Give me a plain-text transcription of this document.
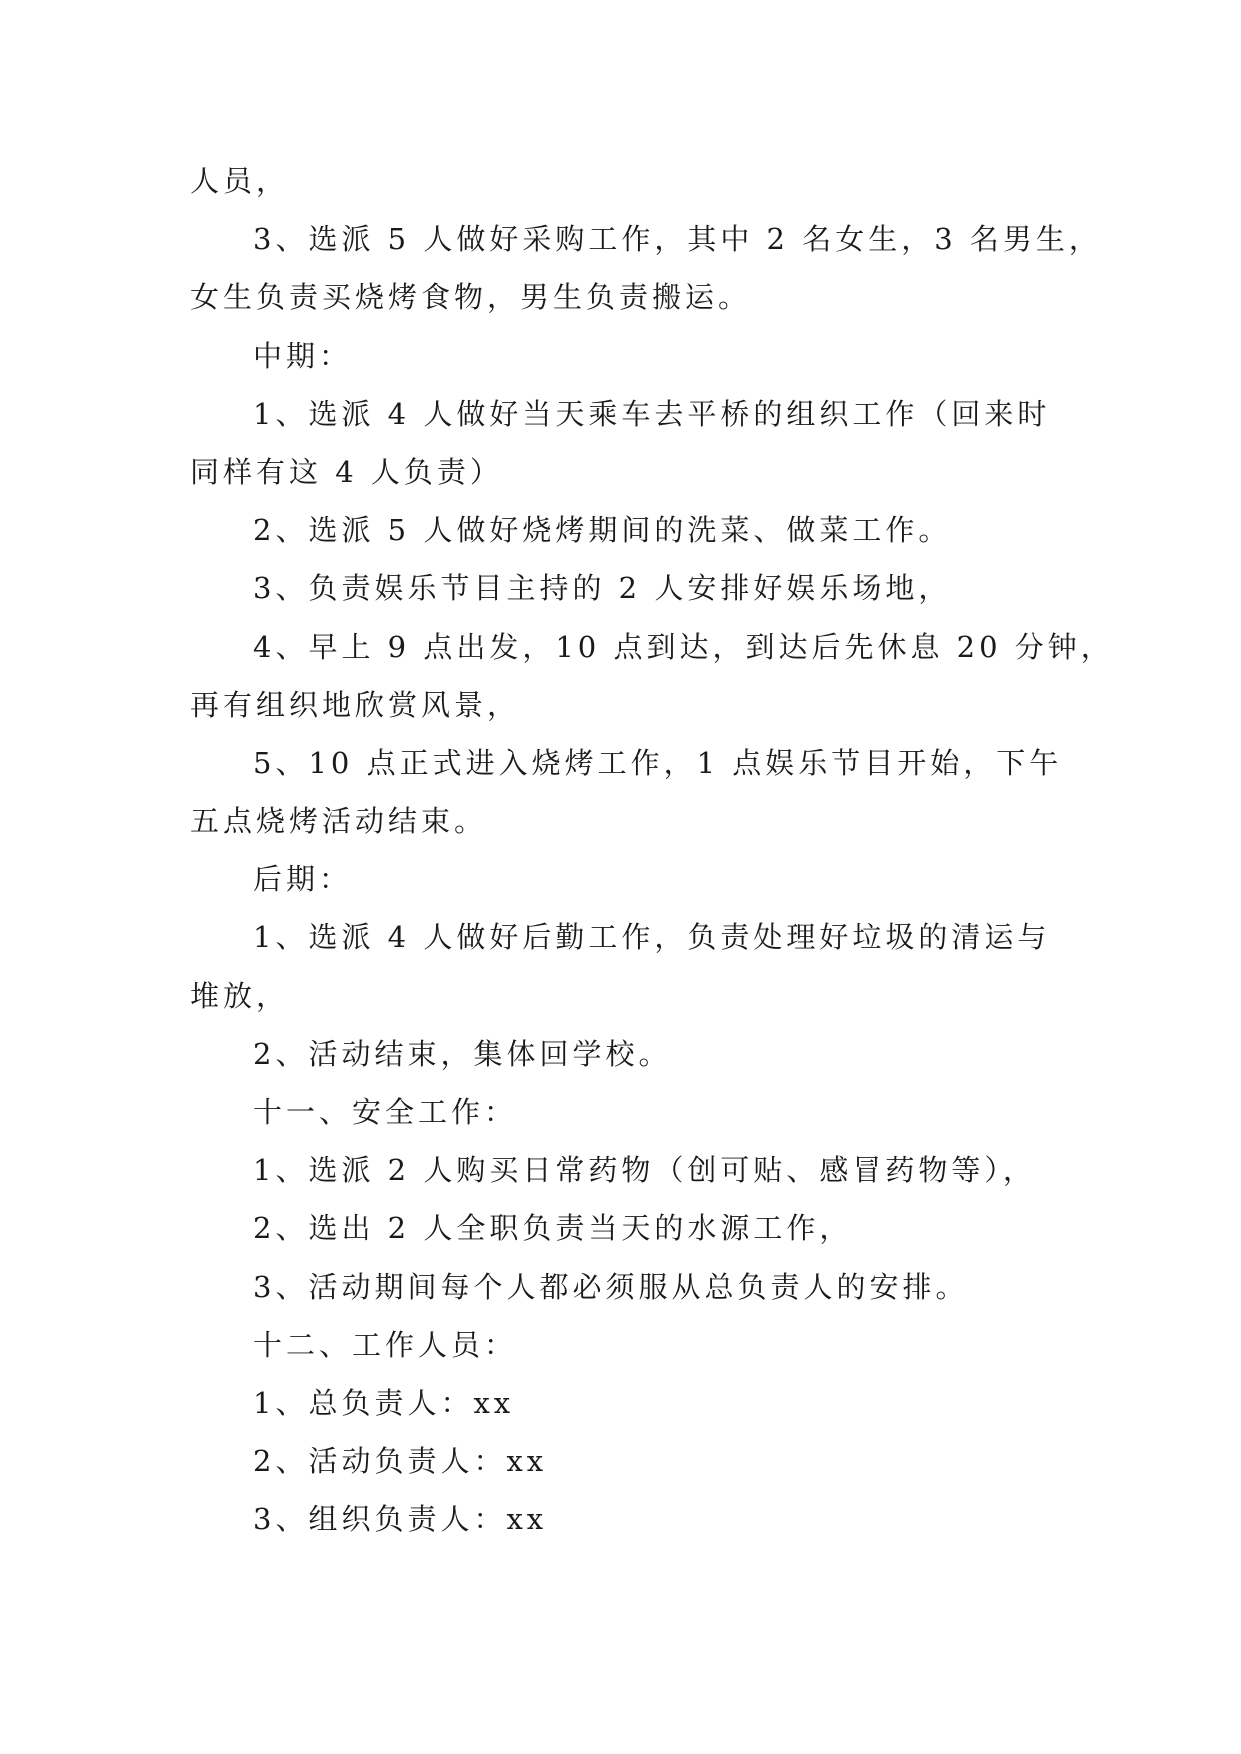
人员，
3、选派 5 人做好采购工作，其中 2 名女生，3 名男生，
女生负责买烧烤食物，男生负责搬运。
中期：
1、选派 4 人做好当天乘车去平桥的组织工作（回来时
同样有这 4 人负责）
2、选派 5 人做好烧烤期间的洗菜、做菜工作。
3、负责娱乐节目主持的 2 人安排好娱乐场地，
4、早上 9 点出发，10 点到达，到达后先休息 20 分钟，
再有组织地欣赏风景，
5、10 点正式进入烧烤工作，1 点娱乐节目开始，下午
五点烧烤活动结束。
后期：
1、选派 4 人做好后勤工作，负责处理好垃圾的清运与
堆放，
2、活动结束，集体回学校。
十一、安全工作：
1、选派 2 人购买日常药物（创可贴、感冒药物等），
2、选出 2 人全职负责当天的水源工作，
3、活动期间每个人都必须服从总负责人的安排。
十二、工作人员：
1、总负责人：xx
2、活动负责人：xx
3、组织负责人：xx
